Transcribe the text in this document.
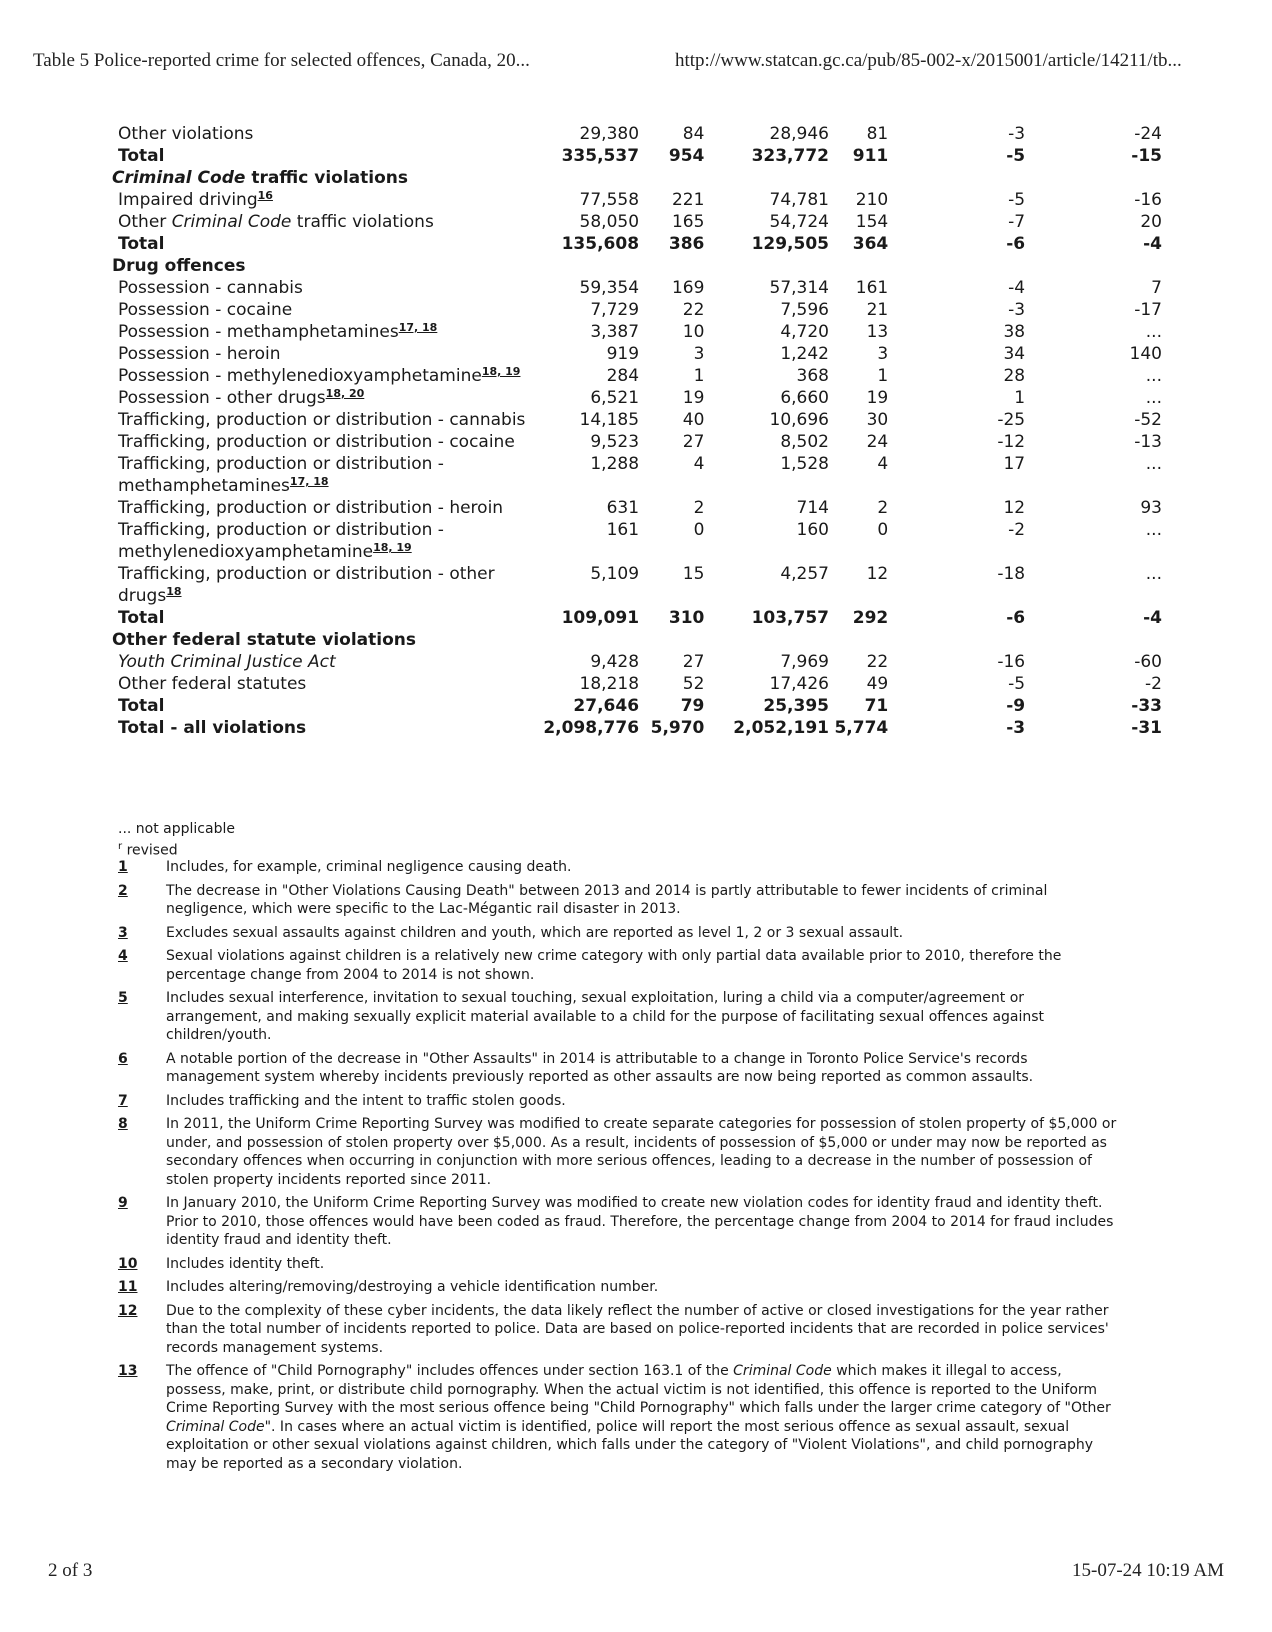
Table 5 Police-reported crime for selected offences, Canada, 20...	http://www.statcan.gc.ca/pub/85-002-x/2015001/article/14211/tb...
Other violations	29,380	84	28,946	81	-3	-24
Total	335,537	954	323,772	911	-5	-15
Criminal Code traffic violations						
Impaired driving$^{16}$	77,558	221	74,781	210	-5	-16
Other Criminal Code traffic violations	58,050	165	54,724	154	-7	20
Total	135,608	386	129,505	364	-6	-4
Drug offences						
Possession - cannabis	59,354	169	57,314	161	-4	7
Possession - cocaine	7,729	22	7,596	21	-3	-17
Possession - methamphetamines$^{17, 18}$	3,387	10	4,720	13	38	...
Possession - heroin	919	3	1,242	3	34	140
Possession - methylenedioxyamphetamine$^{18, 19}$	284	1	368	1	28	...
Possession - other drugs$^{18, 20}$	6,521	19	6,660	19	1	...
Trafficking, production or distribution - cannabis	14,185	40	10,696	30	-25	-52
Trafficking, production or distribution - cocaine	9,523	27	8,502	24	-12	-13
Trafficking, production or distribution - methamphetamines$^{17, 18}$	1,288	4	1,528	4	17	...
Trafficking, production or distribution - heroin	631	2	714	2	12	93
Trafficking, production or distribution - methylenedioxyamphetamine$^{18, 19}$	161	0	160	0	-2	...
Trafficking, production or distribution - other drugs$^{18}$	5,109	15	4,257	12	-18	...
Total	109,091	310	103,757	292	-6	-4
Other federal statute violations						
Youth Criminal Justice Act	9,428	27	7,969	22	-16	-60
Other federal statutes	18,218	52	17,426	49	-5	-2
Total	27,646	79	25,395	71	-9	-33
Total - all violations	2,098,776	5,970	2,052,191	5,774	-3	-31
... not applicable
$^r$ revised
1	Includes, for example, criminal negligence causing death.
2	The decrease in "Other Violations Causing Death" between 2013 and 2014 is partly attributable to fewer incidents of criminal negligence, which were specific to the Lac-Mégantic rail disaster in 2013.
3	Excludes sexual assaults against children and youth, which are reported as level 1, 2 or 3 sexual assault.
4	Sexual violations against children is a relatively new crime category with only partial data available prior to 2010, therefore the percentage change from 2004 to 2014 is not shown.
5	Includes sexual interference, invitation to sexual touching, sexual exploitation, luring a child via a computer/agreement or arrangement, and making sexually explicit material available to a child for the purpose of facilitating sexual offences against children/youth.
6	A notable portion of the decrease in "Other Assaults" in 2014 is attributable to a change in Toronto Police Service's records management system whereby incidents previously reported as other assaults are now being reported as common assaults.
7	Includes trafficking and the intent to traffic stolen goods.
8	In 2011, the Uniform Crime Reporting Survey was modified to create separate categories for possession of stolen property of $5,000 or under, and possession of stolen property over $5,000. As a result, incidents of possession of $5,000 or under may now be reported as secondary offences when occurring in conjunction with more serious offences, leading to a decrease in the number of possession of stolen property incidents reported since 2011.
9	In January 2010, the Uniform Crime Reporting Survey was modified to create new violation codes for identity fraud and identity theft. Prior to 2010, those offences would have been coded as fraud. Therefore, the percentage change from 2004 to 2014 for fraud includes identity fraud and identity theft.
10	Includes identity theft.
11	Includes altering/removing/destroying a vehicle identification number.
12	Due to the complexity of these cyber incidents, the data likely reflect the number of active or closed investigations for the year rather than the total number of incidents reported to police. Data are based on police-reported incidents that are recorded in police services' records management systems.
13	The offence of "Child Pornography" includes offences under section 163.1 of the Criminal Code which makes it illegal to access, possess, make, print, or distribute child pornography. When the actual victim is not identified, this offence is reported to the Uniform Crime Reporting Survey with the most serious offence being "Child Pornography" which falls under the larger crime category of "Other Criminal Code". In cases where an actual victim is identified, police will report the most serious offence as sexual assault, sexual exploitation or other sexual violations against children, which falls under the category of "Violent Violations", and child pornography may be reported as a secondary violation.
2 of 3	15-07-24 10:19 AM
